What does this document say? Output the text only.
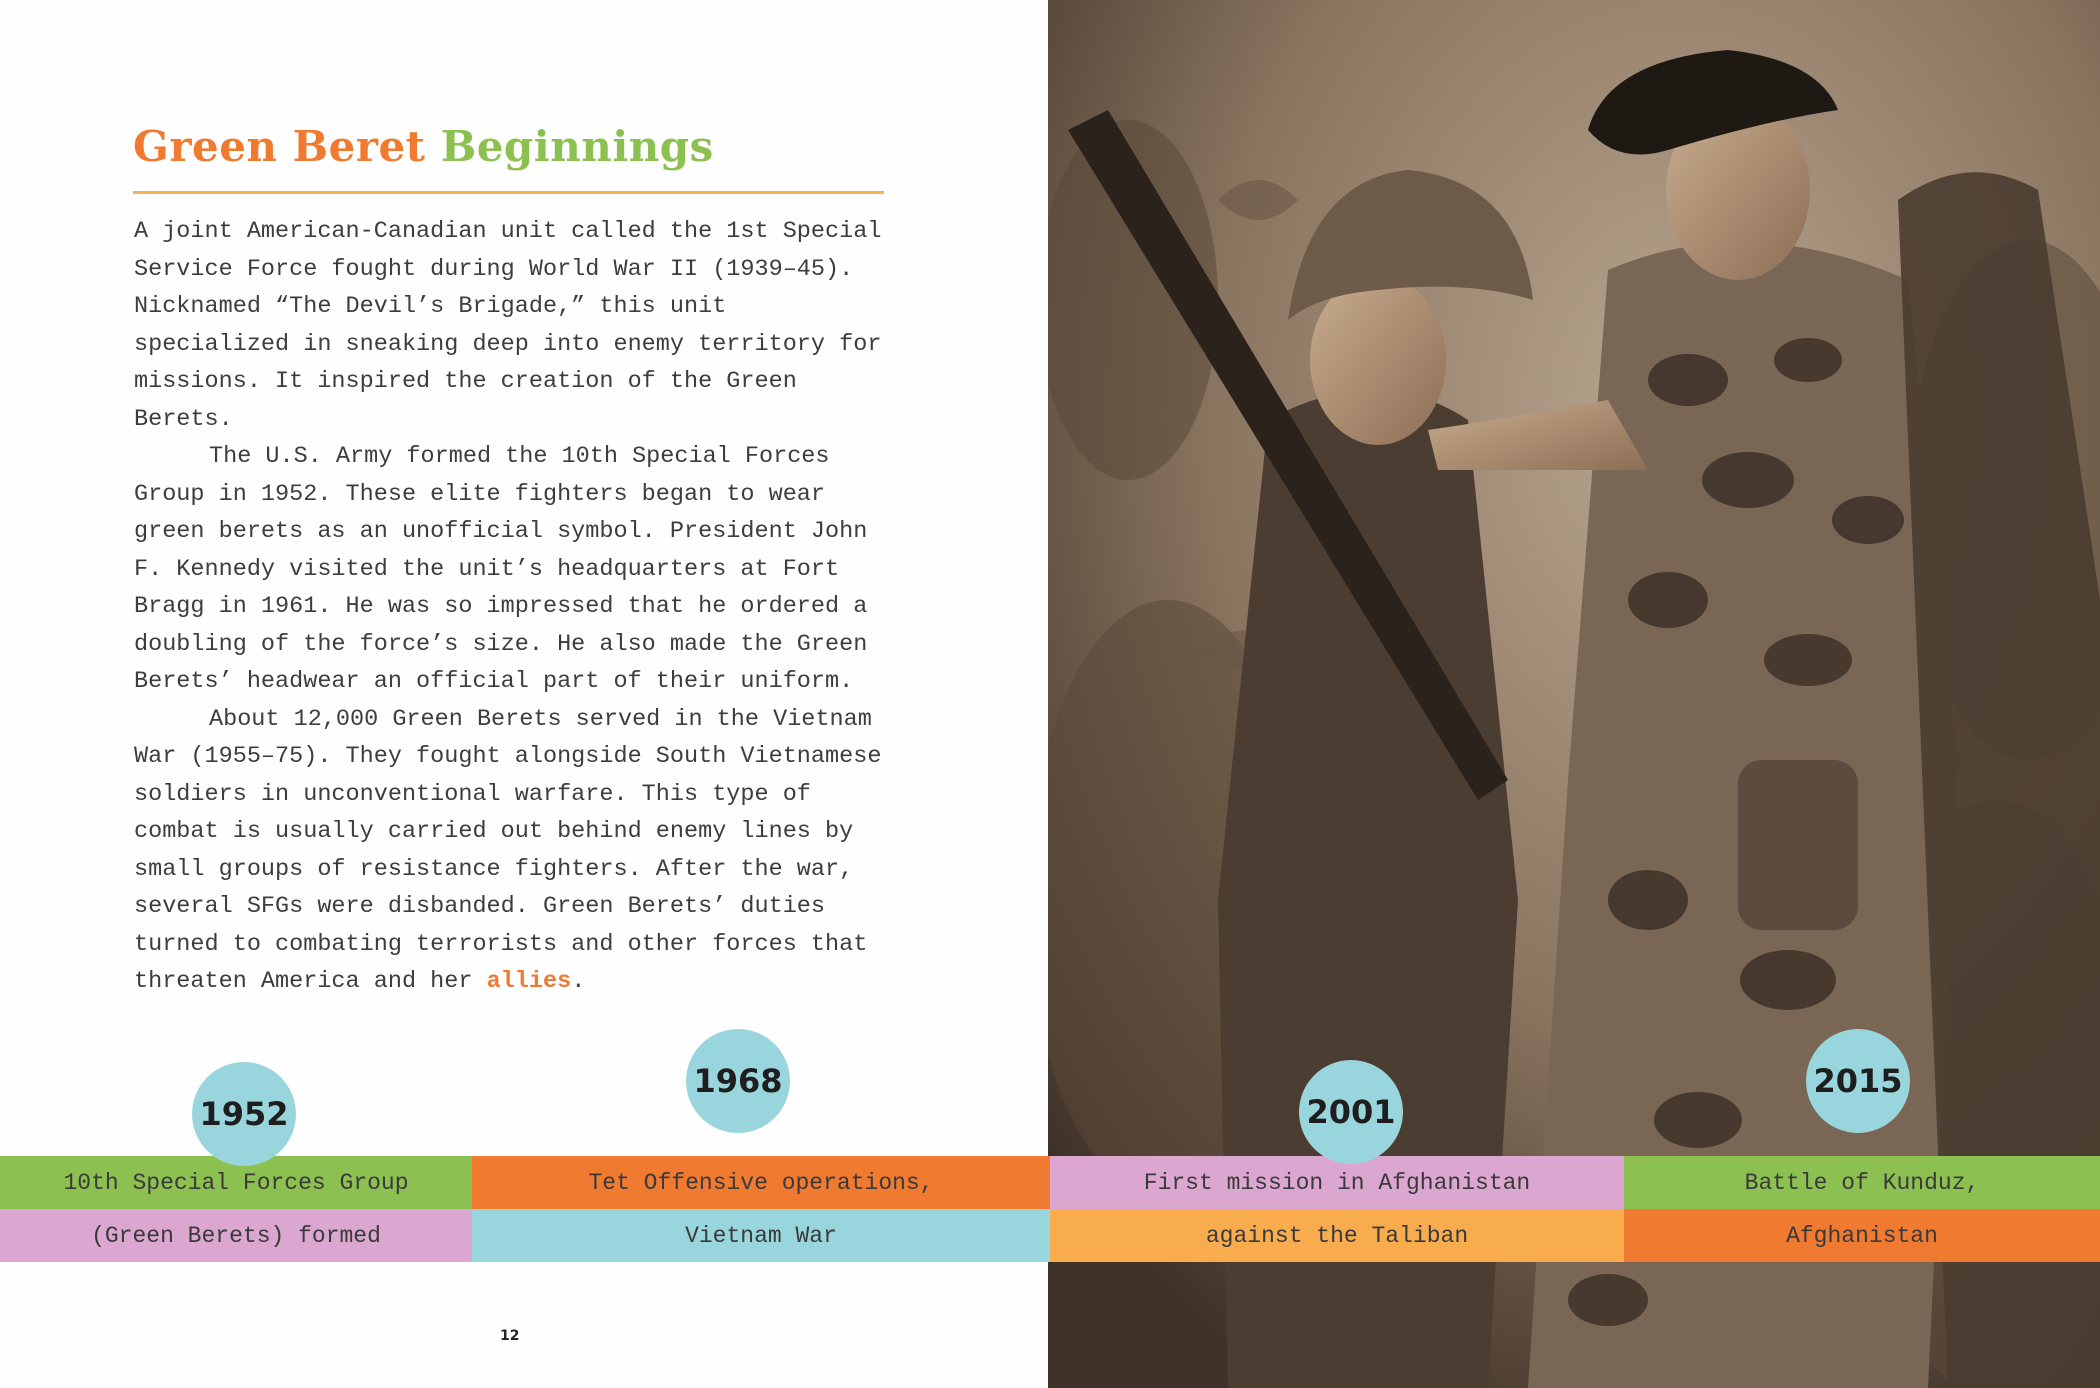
Green Beret Beginnings

A joint American-Canadian unit called the 1st Special Service Force fought during World War II (1939–45). Nicknamed “The Devil’s Brigade,” this unit specialized in sneaking deep into enemy territory for missions. It inspired the creation of the Green Berets.

The U.S. Army formed the 10th Special Forces Group in 1952. These elite fighters began to wear green berets as an unofficial symbol. President John F. Kennedy visited the unit’s headquarters at Fort Bragg in 1961. He was so impressed that he ordered a doubling of the force’s size. He also made the Green Berets’ headwear an official part of their uniform.

About 12,000 Green Berets served in the Vietnam War (1955–75). They fought alongside South Vietnamese soldiers in unconventional warfare. This type of combat is usually carried out behind enemy lines by small groups of resistance fighters. After the war, several SFGs were disbanded. Green Berets’ duties turned to combating terrorists and other forces that threaten America and her allies.

12
10th Special Forces Group
(Green Berets) formed
Tet Offensive operations,
Vietnam War
First mission in Afghanistan
against the Taliban
Battle of Kunduz,
Afghanistan
1952
1968
2001
2015
